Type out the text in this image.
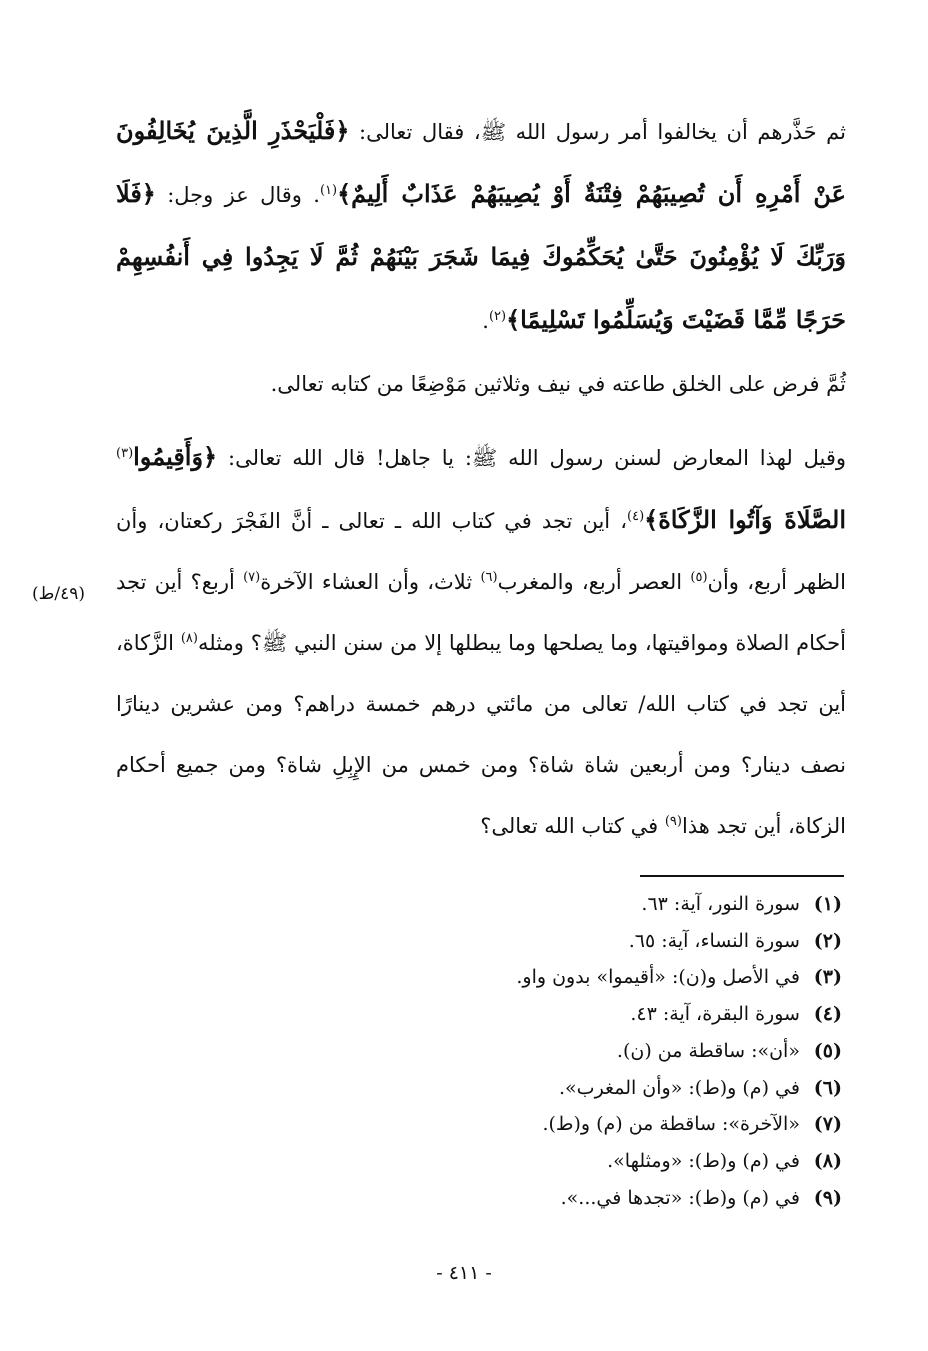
ثم حَذَّرهم أن يخالفوا أمر رسول الله ﷺ، فقال تعالى: ﴿فَلْيَحْذَرِ الَّذِينَ يُخَالِفُونَ عَنْ أَمْرِهِ أَن تُصِيبَهُمْ فِتْنَةٌ أَوْ يُصِيبَهُمْ عَذَابٌ أَلِيمٌ﴾$^{(١)}$. وقال عز وجل: ﴿فَلَا وَرَبِّكَ لَا يُؤْمِنُونَ حَتَّىٰ يُحَكِّمُوكَ فِيمَا شَجَرَ بَيْنَهُمْ ثُمَّ لَا يَجِدُوا فِي أَنفُسِهِمْ حَرَجًا مِّمَّا قَضَيْتَ وَيُسَلِّمُوا تَسْلِيمًا﴾$^{(٢)}$.

ثُمَّ فرض على الخلق طاعته في نيف وثلاثين مَوْضِعًا من كتابه تعالى.

وقيل لهذا المعارض لسنن رسول الله ﷺ: يا جاهل! قال الله تعالى: ﴿وَأَقِيمُوا$^{(٣)}$ الصَّلَاةَ وَآتُوا الزَّكَاةَ﴾$^{(٤)}$، أين تجد في كتاب الله ـ تعالى ـ أنَّ الفَجْرَ ركعتان، وأن الظهر أربع، وأن$^{(٥)}$ العصر أربع، والمغرب$^{(٦)}$ ثلاث، وأن العشاء الآخرة$^{(٧)}$ أربع؟ أين تجد أحكام الصلاة ومواقيتها، وما يصلحها وما يبطلها إلا من سنن النبي ﷺ؟ ومثله$^{(٨)}$ الزَّكاة، أين تجد في كتاب الله/ تعالى من مائتي درهم خمسة دراهم؟ ومن عشرين دينارًا نصف دينار؟ ومن أربعين شاة شاة؟ ومن خمس من الإِبِلِ شاة؟ ومن جميع أحكام الزكاة، أين تجد هذا$^{(٩)}$ في كتاب الله تعالى؟

(٤٩/ط)
(١) سورة النور، آية: ٦٣.
(٢) سورة النساء، آية: ٦٥.
(٣) في الأصل و(ن): «أقيموا» بدون واو.
(٤) سورة البقرة، آية: ٤٣.
(٥) «أن»: ساقطة من (ن).
(٦) في (م) و(ط): «وأن المغرب».
(٧) «الآخرة»: ساقطة من (م) و(ط).
(٨) في (م) و(ط): «ومثلها».
(٩) في (م) و(ط): «تجدها في...».
- ٤١١ -
